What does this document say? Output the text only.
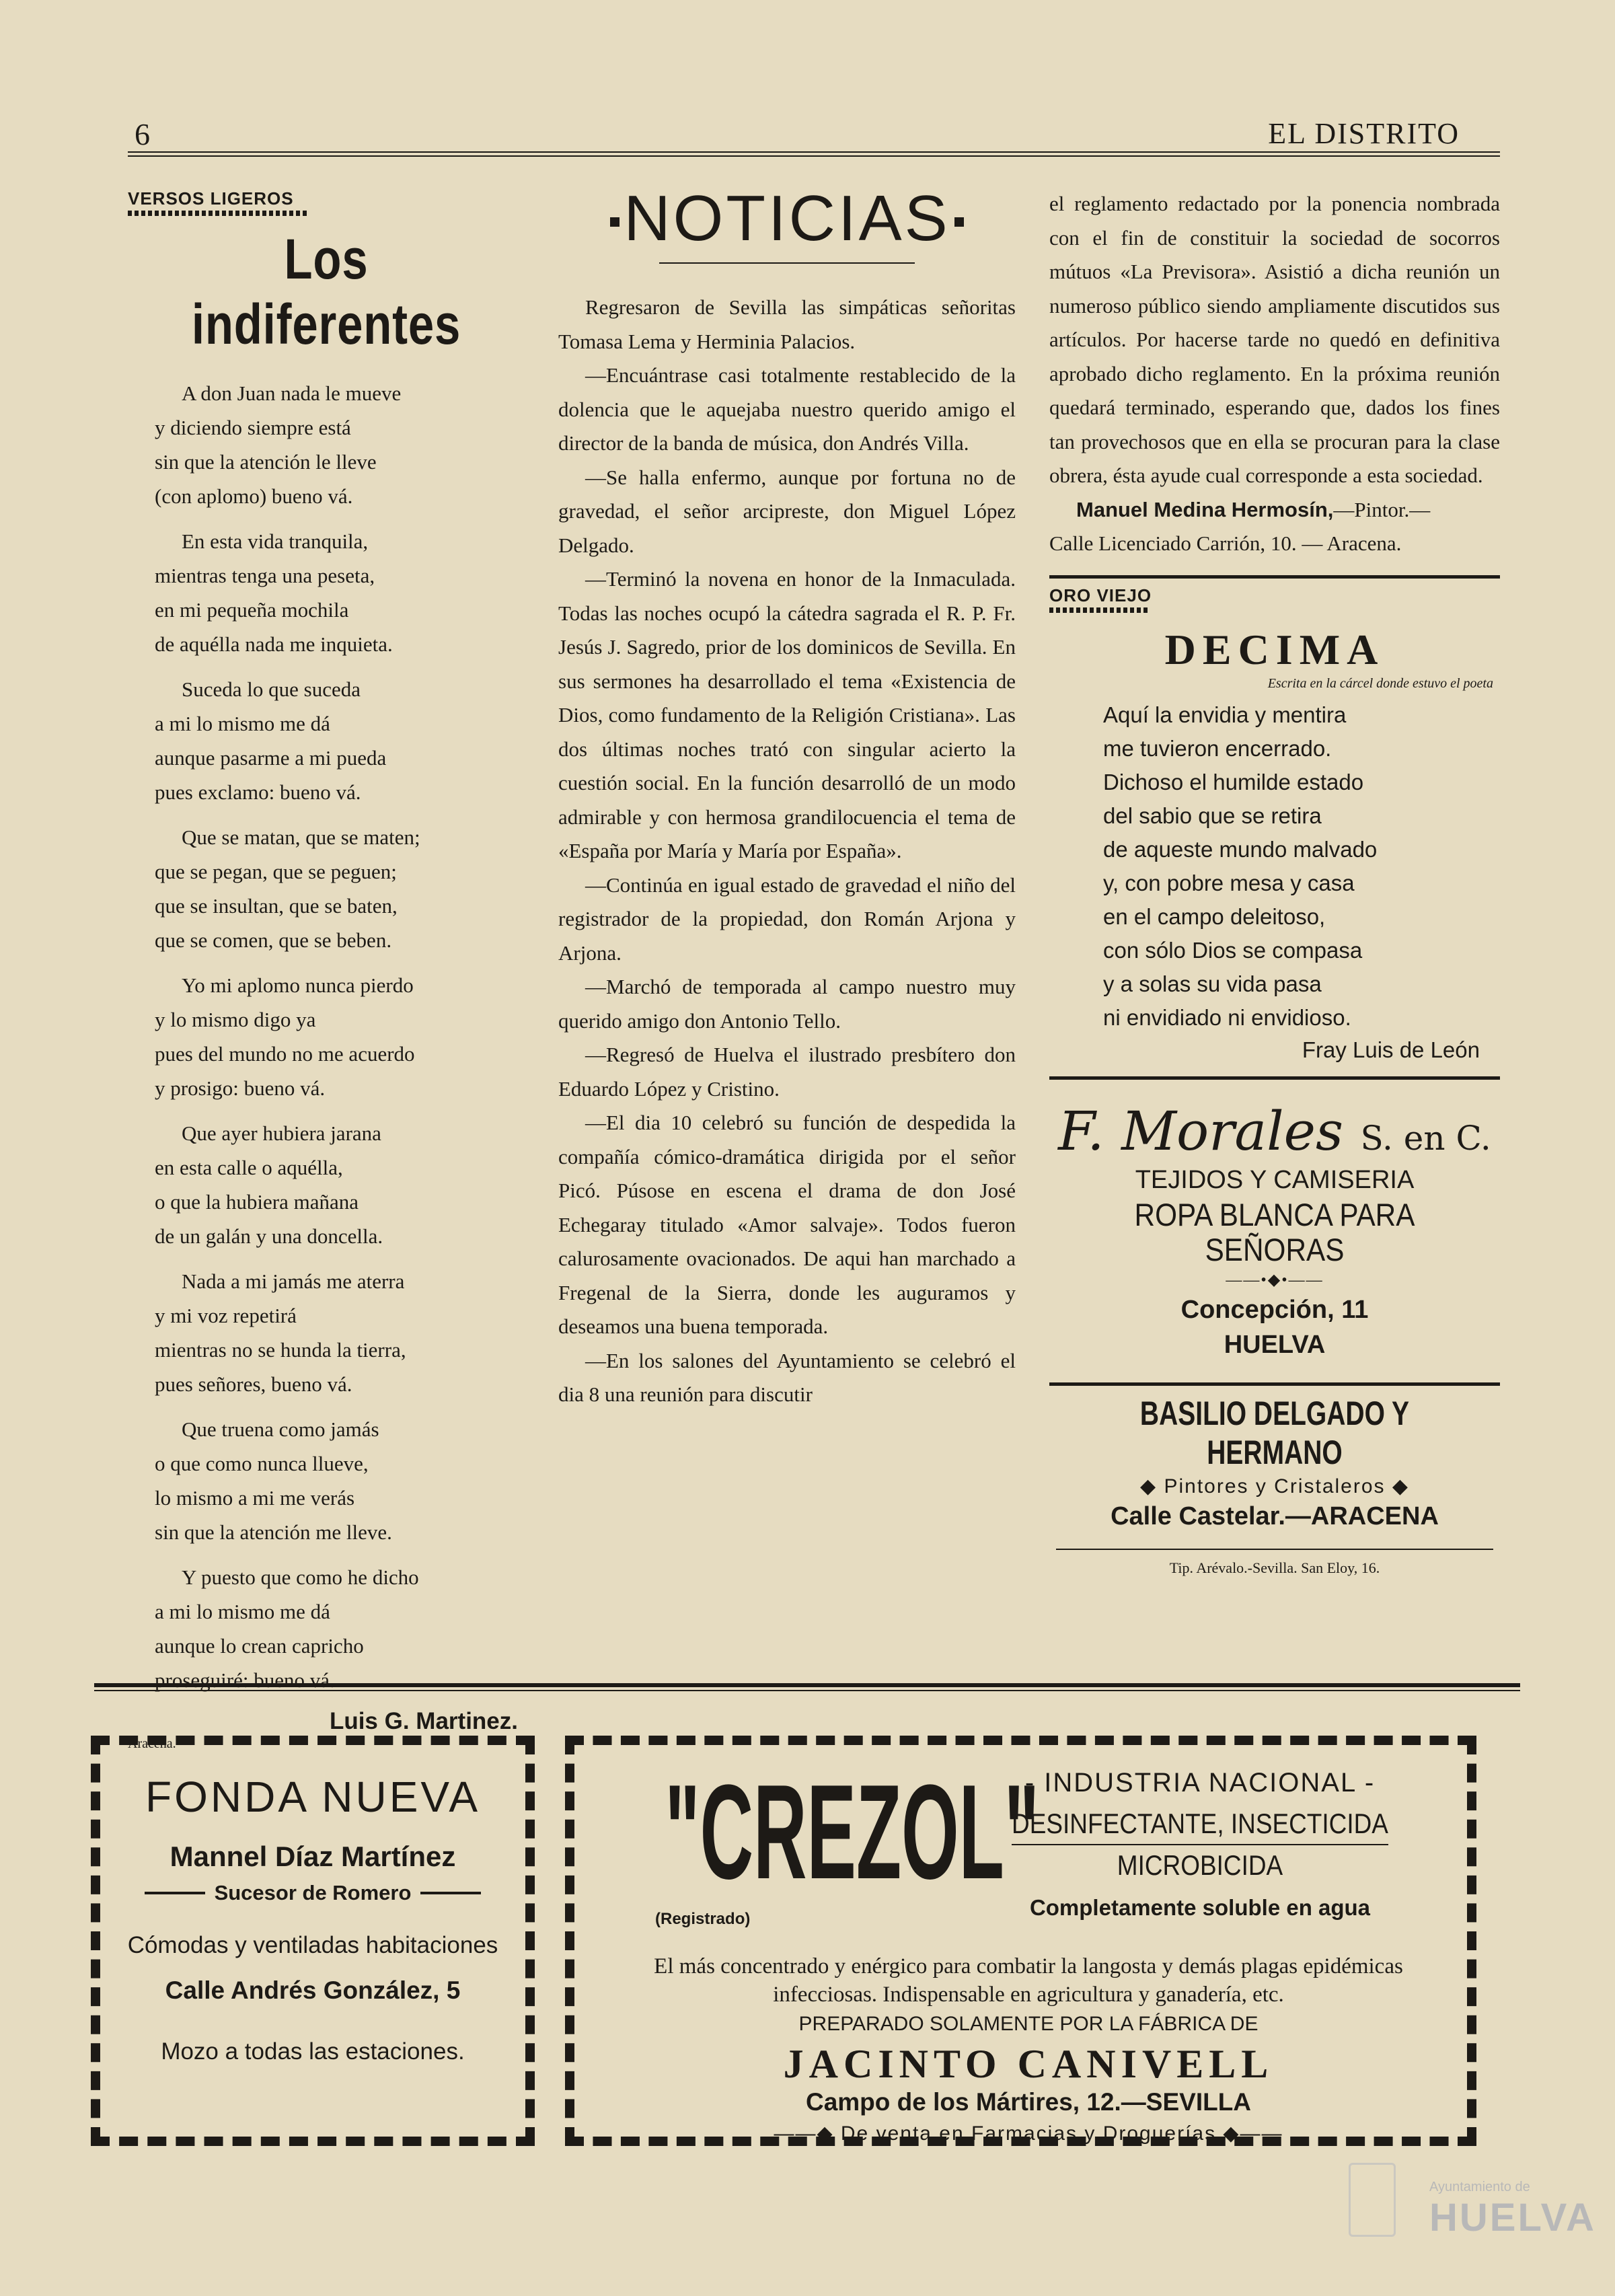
6	EL DISTRITO
VERSOS LIGEROS
Los indiferentes
A don Juan nada le mueve
y diciendo siempre está
sin que la atención le lleve
(con aplomo) bueno vá.
En esta vida tranquila,
mientras tenga una peseta,
en mi pequeña mochila
de aquélla nada me inquieta.
Suceda lo que suceda
a mi lo mismo me dá
aunque pasarme a mi pueda
pues exclamo: bueno vá.
Que se matan, que se maten;
que se pegan, que se peguen;
que se insultan, que se baten,
que se comen, que se beben.
Yo mi aplomo nunca pierdo
y lo mismo digo ya
pues del mundo no me acuerdo
y prosigo: bueno vá.
Que ayer hubiera jarana
en esta calle o aquélla,
o que la hubiera mañana
de un galán y una doncella.
Nada a mi jamás me aterra
y mi voz repetirá
mientras no se hunda la tierra,
pues señores, bueno vá.
Que truena como jamás
o que como nunca llueve,
lo mismo a mi me verás
sin que la atención me lleve.
Y puesto que como he dicho
a mi lo mismo me dá
aunque lo crean capricho
proseguiré: bueno vá.
Luis G. Martinez.
Aracena.
NOTICIAS

Regresaron de Sevilla las simpáticas señoritas Tomasa Lema y Herminia Palacios.

—Encuántrase casi totalmente restablecido de la dolencia que le aquejaba nuestro querido amigo el director de la banda de música, don Andrés Villa.

—Se halla enfermo, aunque por fortuna no de gravedad, el señor arcipreste, don Miguel López Delgado.

—Terminó la novena en honor de la Inmaculada. Todas las noches ocupó la cátedra sagrada el R. P. Fr. Jesús J. Sagredo, prior de los dominicos de Sevilla. En sus sermones ha desarrollado el tema «Existencia de Dios, como fundamento de la Religión Cristiana». Las dos últimas noches trató con singular acierto la cuestión social. En la función desarrolló de un modo admirable y con hermosa grandilocuencia el tema de «España por María y María por España».

—Continúa en igual estado de gravedad el niño del registrador de la propiedad, don Román Arjona y Arjona.

—Marchó de temporada al campo nuestro muy querido amigo don Antonio Tello.

—Regresó de Huelva el ilustrado presbítero don Eduardo López y Cristino.

—El dia 10 celebró su función de despedida la compañía cómico-dramática dirigida por el señor Picó. Púsose en escena el drama de don José Echegaray titulado «Amor salvaje». Todos fueron calurosamente ovacionados. De aqui han marchado a Fregenal de la Sierra, donde les auguramos y deseamos una buena temporada.

—En los salones del Ayuntamiento se celebró el dia 8 una reunión para discutir

el reglamento redactado por la ponencia nombrada con el fin de constituir la sociedad de socorros mútuos «La Previsora». Asistió a dicha reunión un numeroso público siendo ampliamente discutidos sus artículos. Por hacerse tarde no quedó en definitiva aprobado dicho reglamento. En la próxima reunión quedará terminado, esperando que, dados los fines tan provechosos que en ella se procuran para la clase obrera, ésta ayude cual corresponde a esta sociedad.

Manuel Medina Hermosín,—Pintor.—
Calle Licenciado Carrión, 10. — Aracena.
ORO VIEJO
DECIMA
Escrita en la cárcel donde estuvo el poeta
Aquí la envidia y mentira
me tuvieron encerrado.
Dichoso el humilde estado
del sabio que se retira
de aqueste mundo malvado
y, con pobre mesa y casa
en el campo deleitoso,
con sólo Dios se compasa
y a solas su vida pasa
ni envidiado ni envidioso.
Fray Luis de León
F. Morales S. en C.
TEJIDOS Y CAMISERIA
ROPA BLANCA PARA SEÑORAS
——•◆•——
Concepción, 11
HUELVA
BASILIO DELGADO Y HERMANO
◆ Pintores y Cristaleros ◆
Calle Castelar.—ARACENA
Tip. Arévalo.-Sevilla. San Eloy, 16.
FONDA NUEVA
Mannel Díaz Martínez
Sucesor de Romero
Cómodas y ventiladas habitaciones
Calle Andrés González, 5
Mozo a todas las estaciones.
"CREZOL"
(Registrado)
- INDUSTRIA NACIONAL -
DESINFECTANTE, INSECTICIDA
MICROBICIDA
Completamente soluble en agua
El más concentrado y enérgico para combatir la langosta y demás plagas epidémicas infecciosas. Indispensable en agricultura y ganadería, etc.
PREPARADO SOLAMENTE POR LA FÁBRICA DE
JACINTO CANIVELL
Campo de los Mártires, 12.—SEVILLA
——◆ De venta en Farmacias y Droguerías ◆——
Ayuntamiento de
HUELVA
